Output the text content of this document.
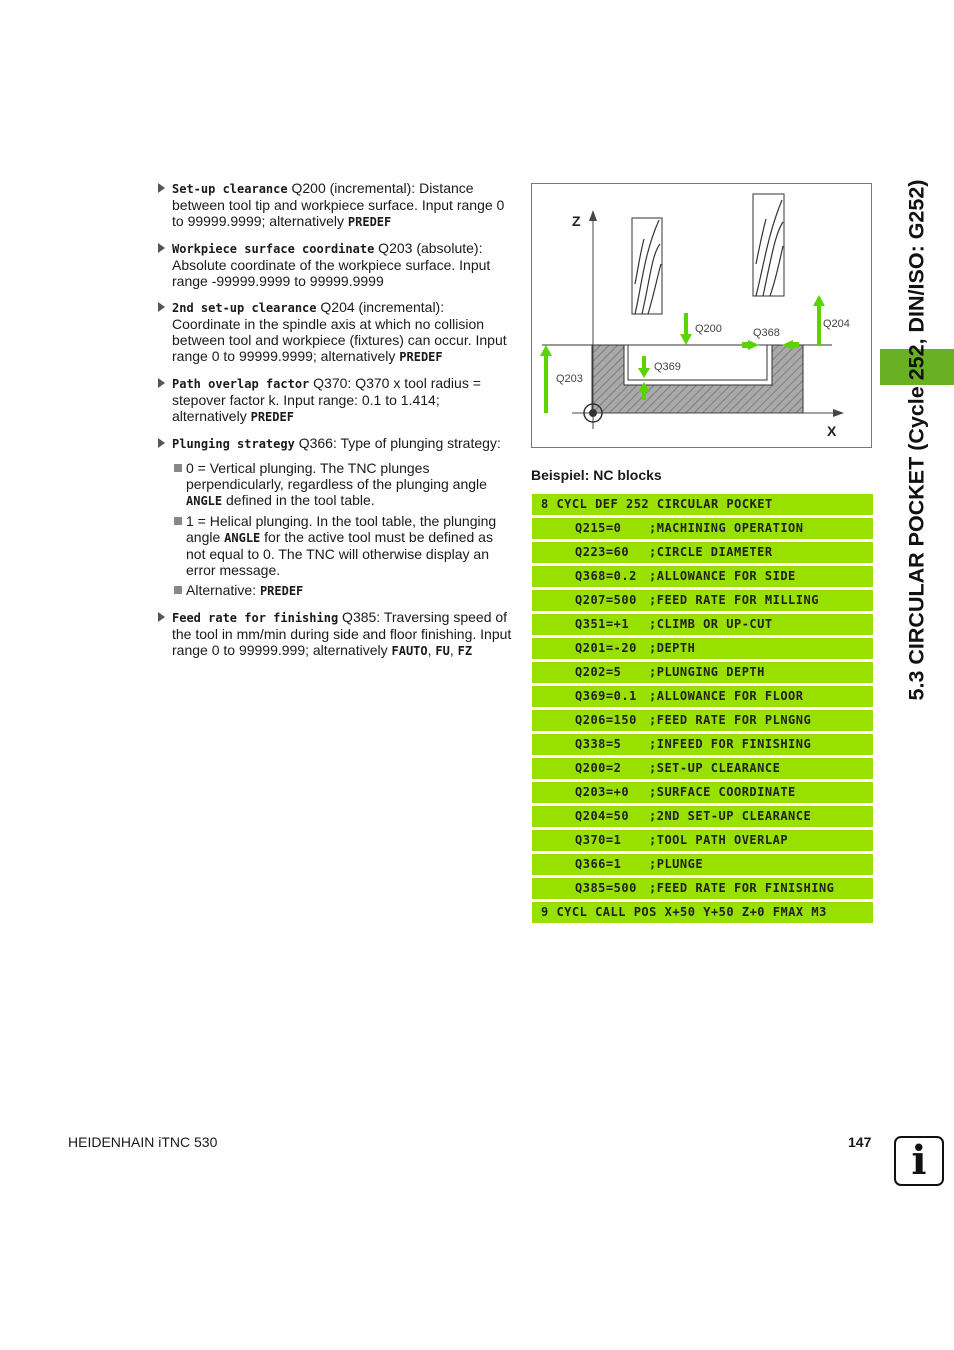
Set-up clearance Q200 (incremental): Distance between tool tip and workpiece surface. Input range 0 to 99999.9999; alternatively PREDEF
Workpiece surface coordinate Q203 (absolute): Absolute coordinate of the workpiece surface. Input range -99999.9999 to 99999.9999
2nd set-up clearance Q204 (incremental): Coordinate in the spindle axis at which no collision between tool and workpiece (fixtures) can occur. Input range 0 to 99999.9999; alternatively PREDEF
Path overlap factor Q370: Q370 x tool radius = stepover factor k. Input range: 0.1 to 1.414; alternatively PREDEF
Plunging strategy Q366: Type of plunging strategy:
0 = Vertical plunging. The TNC plunges perpendicularly, regardless of the plunging angle ANGLE defined in the tool table.
1 = Helical plunging. In the tool table, the plunging angle ANGLE for the active tool must be defined as not equal to 0. The TNC will otherwise display an error message.
Alternative: PREDEF
Feed rate for finishing Q385: Traversing speed of the tool in mm/min during side and floor finishing. Input range 0 to 99999.999; alternatively FAUTO, FU, FZ
Z
X
Q200	Q368
Q204
Q369
Q203
Beispiel: NC blocks
8 CYCL DEF 252 CIRCULAR POCKET
Q215=0 ;MACHINING OPERATION
Q223=60 ;CIRCLE DIAMETER
Q368=0.2 ;ALLOWANCE FOR SIDE
Q207=500 ;FEED RATE FOR MILLING
Q351=+1 ;CLIMB OR UP-CUT
Q201=-20 ;DEPTH
Q202=5 ;PLUNGING DEPTH
Q369=0.1 ;ALLOWANCE FOR FLOOR
Q206=150 ;FEED RATE FOR PLNGNG
Q338=5 ;INFEED FOR FINISHING
Q200=2 ;SET-UP CLEARANCE
Q203=+0 ;SURFACE COORDINATE
Q204=50 ;2ND SET-UP CLEARANCE
Q370=1 ;TOOL PATH OVERLAP
Q366=1 ;PLUNGE
Q385=500 ;FEED RATE FOR FINISHING
9 CYCL CALL POS X+50 Y+50 Z+0 FMAX M3
5.3 CIRCULAR POCKET (Cycle 252, DIN/ISO: G252)
HEIDENHAIN iTNC 530	147	i
